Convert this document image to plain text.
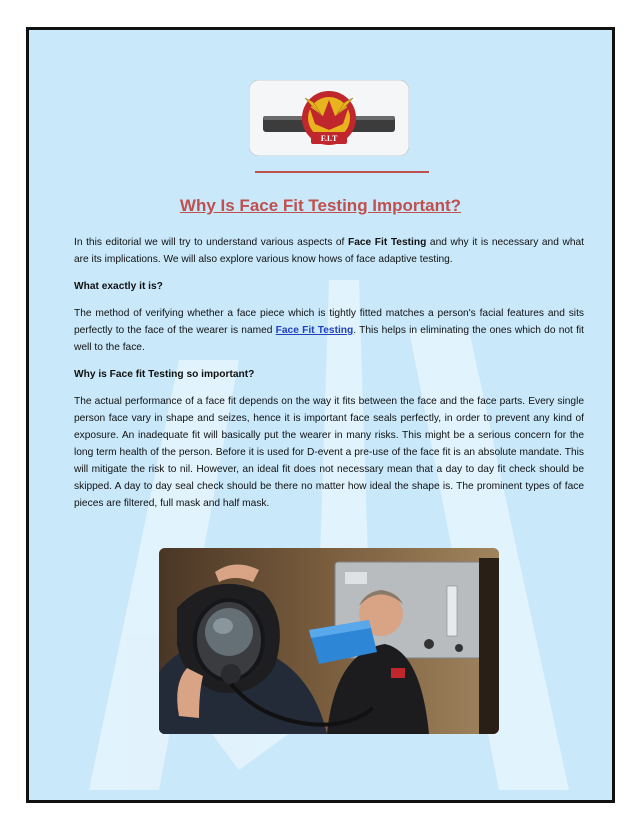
F.I.T
Why Is Face Fit Testing Important?

In this editorial we will try to understand various aspects of Face Fit Testing and why it is necessary and what are its implications. We will also explore various know hows of face adaptive testing.

What exactly it is?

The method of verifying whether a face piece which is tightly fitted matches a person's facial features and sits perfectly to the face of the wearer is named Face Fit Testing. This helps in eliminating the ones which do not fit well to the face.

Why is Face fit Testing so important?

The actual performance of a face fit depends on the way it fits between the face and the face parts. Every single person face vary in shape and seizes, hence it is important face seals perfectly, in order to prevent any kind of exposure. An inadequate fit will basically put the wearer in many risks. This might be a serious concern for the long term health of the person. Before it is used for D-event a pre-use of the face fit is an absolute mandate. This will mitigate the risk to nil. However, an ideal fit does not necessary mean that a day to day fit check should be skipped. A day to day seal check should be there no matter how ideal the shape is. The prominent types of face pieces are filtered, full mask and half mask.
